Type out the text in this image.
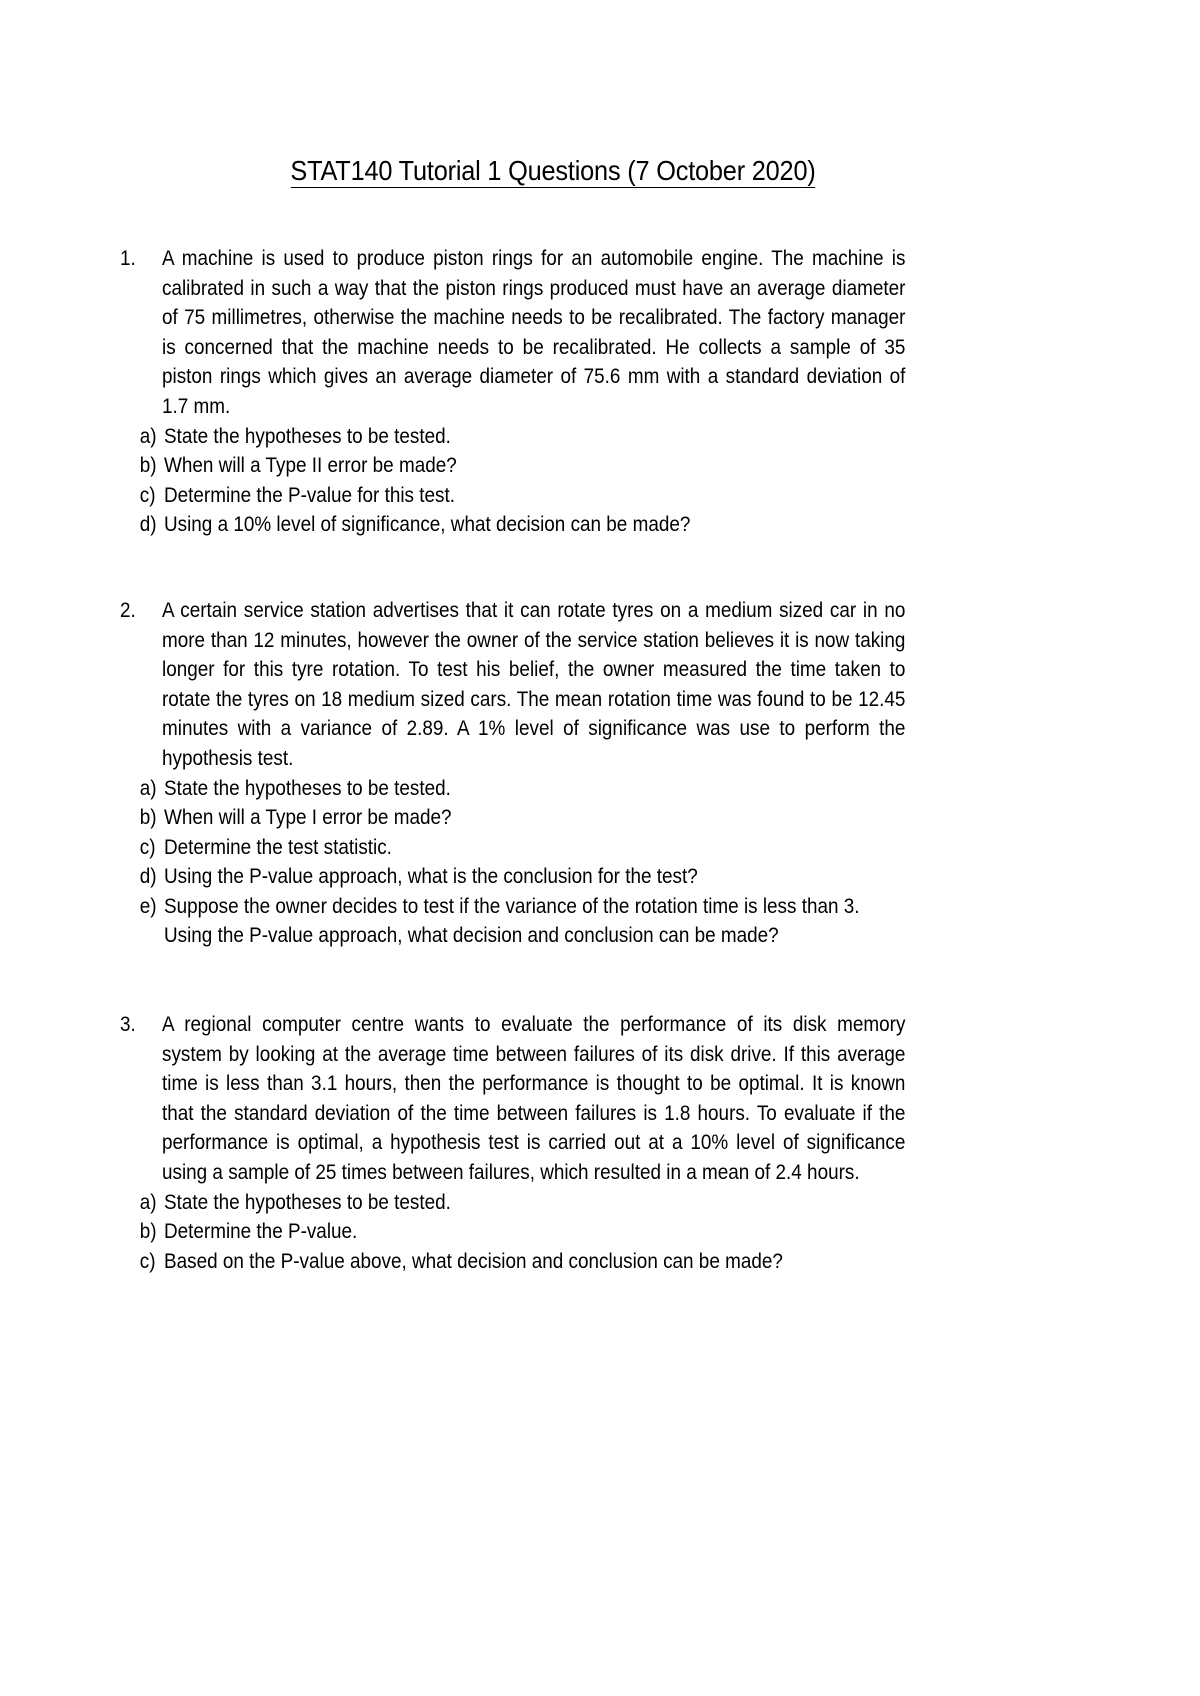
STAT140 Tutorial 1 Questions (7 October 2020)
1.	A machine is used to produce piston rings for an automobile engine. The machine is calibrated in such a way that the piston rings produced must have an average diameter of 75 millimetres, otherwise the machine needs to be recalibrated. The factory manager is concerned that the machine needs to be recalibrated. He collects a sample of 35 piston rings which gives an average diameter of 75.6 mm with a standard deviation of 1.7 mm.
a) State the hypotheses to be tested.
b) When will a Type II error be made?
c) Determine the P-value for this test.
d) Using a 10% level of significance, what decision can be made?
2.	A certain service station advertises that it can rotate tyres on a medium sized car in no more than 12 minutes, however the owner of the service station believes it is now taking longer for this tyre rotation. To test his belief, the owner measured the time taken to rotate the tyres on 18 medium sized cars. The mean rotation time was found to be 12.45 minutes with a variance of 2.89. A 1% level of significance was use to perform the hypothesis test.
a) State the hypotheses to be tested.
b) When will a Type I error be made?
c) Determine the test statistic.
d) Using the P-value approach, what is the conclusion for the test?
e) Suppose the owner decides to test if the variance of the rotation time is less than 3.
Using the P-value approach, what decision and conclusion can be made?
3.	A regional computer centre wants to evaluate the performance of its disk memory system by looking at the average time between failures of its disk drive. If this average time is less than 3.1 hours, then the performance is thought to be optimal. It is known that the standard deviation of the time between failures is 1.8 hours. To evaluate if the performance is optimal, a hypothesis test is carried out at a 10% level of significance using a sample of 25 times between failures, which resulted in a mean of 2.4 hours.
a) State the hypotheses to be tested.
b) Determine the P-value.
c) Based on the P-value above, what decision and conclusion can be made?
